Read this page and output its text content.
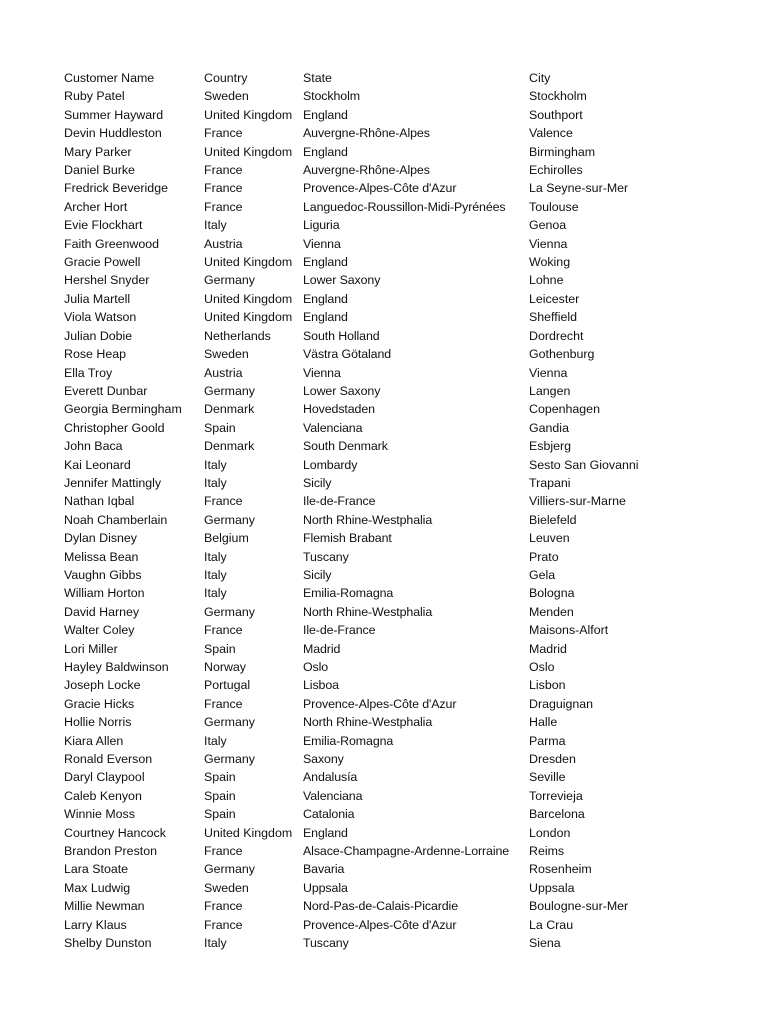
Customer Name	Country	State	City
Ruby Patel	Sweden	Stockholm	Stockholm
Summer Hayward	United Kingdom	England	Southport
Devin Huddleston	France	Auvergne-Rhône-Alpes	Valence
Mary Parker	United Kingdom	England	Birmingham
Daniel Burke	France	Auvergne-Rhône-Alpes	Echirolles
Fredrick Beveridge	France	Provence-Alpes-Côte d'Azur	La Seyne-sur-Mer
Archer Hort	France	Languedoc-Roussillon-Midi-Pyrénées	Toulouse
Evie Flockhart	Italy	Liguria	Genoa
Faith Greenwood	Austria	Vienna	Vienna
Gracie Powell	United Kingdom	England	Woking
Hershel Snyder	Germany	Lower Saxony	Lohne
Julia Martell	United Kingdom	England	Leicester
Viola Watson	United Kingdom	England	Sheffield
Julian Dobie	Netherlands	South Holland	Dordrecht
Rose Heap	Sweden	Västra Götaland	Gothenburg
Ella Troy	Austria	Vienna	Vienna
Everett Dunbar	Germany	Lower Saxony	Langen
Georgia Bermingham	Denmark	Hovedstaden	Copenhagen
Christopher Goold	Spain	Valenciana	Gandia
John Baca	Denmark	South Denmark	Esbjerg
Kai Leonard	Italy	Lombardy	Sesto San Giovanni
Jennifer Mattingly	Italy	Sicily	Trapani
Nathan Iqbal	France	Ile-de-France	Villiers-sur-Marne
Noah Chamberlain	Germany	North Rhine-Westphalia	Bielefeld
Dylan Disney	Belgium	Flemish Brabant	Leuven
Melissa Bean	Italy	Tuscany	Prato
Vaughn Gibbs	Italy	Sicily	Gela
William Horton	Italy	Emilia-Romagna	Bologna
David Harney	Germany	North Rhine-Westphalia	Menden
Walter Coley	France	Ile-de-France	Maisons-Alfort
Lori Miller	Spain	Madrid	Madrid
Hayley Baldwinson	Norway	Oslo	Oslo
Joseph Locke	Portugal	Lisboa	Lisbon
Gracie Hicks	France	Provence-Alpes-Côte d'Azur	Draguignan
Hollie Norris	Germany	North Rhine-Westphalia	Halle
Kiara Allen	Italy	Emilia-Romagna	Parma
Ronald Everson	Germany	Saxony	Dresden
Daryl Claypool	Spain	Andalusía	Seville
Caleb Kenyon	Spain	Valenciana	Torrevieja
Winnie Moss	Spain	Catalonia	Barcelona
Courtney Hancock	United Kingdom	England	London
Brandon Preston	France	Alsace-Champagne-Ardenne-Lorraine	Reims
Lara Stoate	Germany	Bavaria	Rosenheim
Max Ludwig	Sweden	Uppsala	Uppsala
Millie Newman	France	Nord-Pas-de-Calais-Picardie	Boulogne-sur-Mer
Larry Klaus	France	Provence-Alpes-Côte d'Azur	La Crau
Shelby Dunston	Italy	Tuscany	Siena
